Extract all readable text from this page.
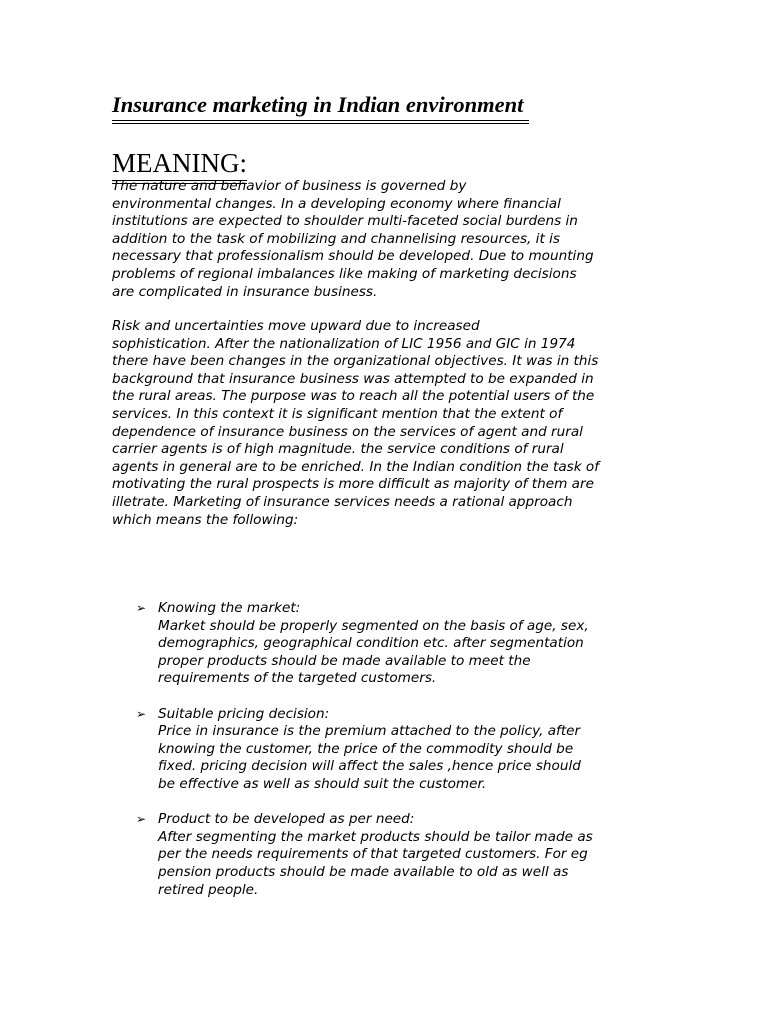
Insurance marketing in Indian environment
MEANING:

The nature and behavior of business is governed by
environmental changes. In a developing economy where financial
institutions are expected to shoulder multi-faceted social burdens in
addition to the task of mobilizing and channelising resources, it is
necessary that professionalism should be developed. Due to mounting
problems of regional imbalances like making of marketing decisions
are complicated in insurance business.

Risk and uncertainties move upward due to increased
sophistication. After the nationalization of LIC 1956 and GIC in 1974
there have been changes in the organizational objectives. It was in this
background that insurance business was attempted to be expanded in
the rural areas. The purpose was to reach all the potential users of the
services. In this context it is significant mention that the extent of
dependence of insurance business on the services of agent and rural
carrier agents is of high magnitude. the service conditions of rural
agents in general are to be enriched. In the Indian condition the task of
motivating the rural prospects is more difficult as majority of them are
illetrate. Marketing of insurance services needs a rational approach
which means the following:

➢ Knowing the market:
Market should be properly segmented on the basis of age, sex,
demographics, geographical condition etc. after segmentation
proper products should be made available to meet the
requirements of the targeted customers.
➢ Suitable pricing decision:
Price in insurance is the premium attached to the policy, after
knowing the customer, the price of the commodity should be
fixed. pricing decision will affect the sales ,hence price should
be effective as well as should suit the customer.
➢ Product to be developed as per need:
After segmenting the market products should be tailor made as
per the needs requirements of that targeted customers. For eg
pension products should be made available to old as well as
retired people.
